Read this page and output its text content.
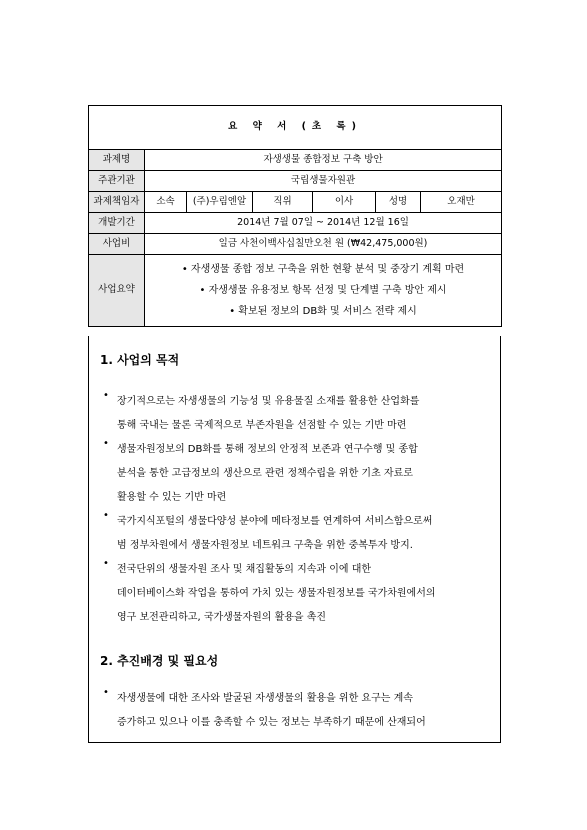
요 약 서 (초 록)						
과제명	자생생물 종합정보 구축 방안					
주관기관	국립생물자원관					
과제책임자	소속	(주)우림엔알	직위	이사	성명	오재만
개발기간	2014년 7월 07일 ~ 2014년 12월 16일					
사업비	일금 사천이백사십칠만오천 원 (₩42,475,000원)					
사업요약	• 자생생물 종합 정보 구축을 위한 현황 분석 및 중장기 계획 마련
• 자생생물 유용정보 항목 선정 및 단계별 구축 방안 제시
• 확보된 정보의 DB화 및 서비스 전략 제시					
1. 사업의 목적
•
장기적으로는 자생생물의 기능성 및 유용물질 소재를 활용한 산업화를
통해 국내는 물론 국제적으로 부존자원을 선점할 수 있는 기반 마련
•
생물자원정보의 DB화를 통해 정보의 안정적 보존과 연구수행 및 종합
분석을 통한 고급정보의 생산으로 관련 정책수립을 위한 기초 자료로
활용할 수 있는 기반 마련
•
국가지식포털의 생물다양성 분야에 메타정보를 연계하여 서비스함으로써
범 정부차원에서 생물자원정보 네트워크 구축을 위한 중복투자 방지.
•
전국단위의 생물자원 조사 및 채집활동의 지속과 이에 대한
데이터베이스화 작업을 통하여 가치 있는 생물자원정보를 국가차원에서의
영구 보전관리하고, 국가생물자원의 활용을 촉진
2. 추진배경 및 필요성
•
자생생물에 대한 조사와 발굴된 자생생물의 활용을 위한 요구는 계속
증가하고 있으나 이를 충족할 수 있는 정보는 부족하기 때문에 산재되어
